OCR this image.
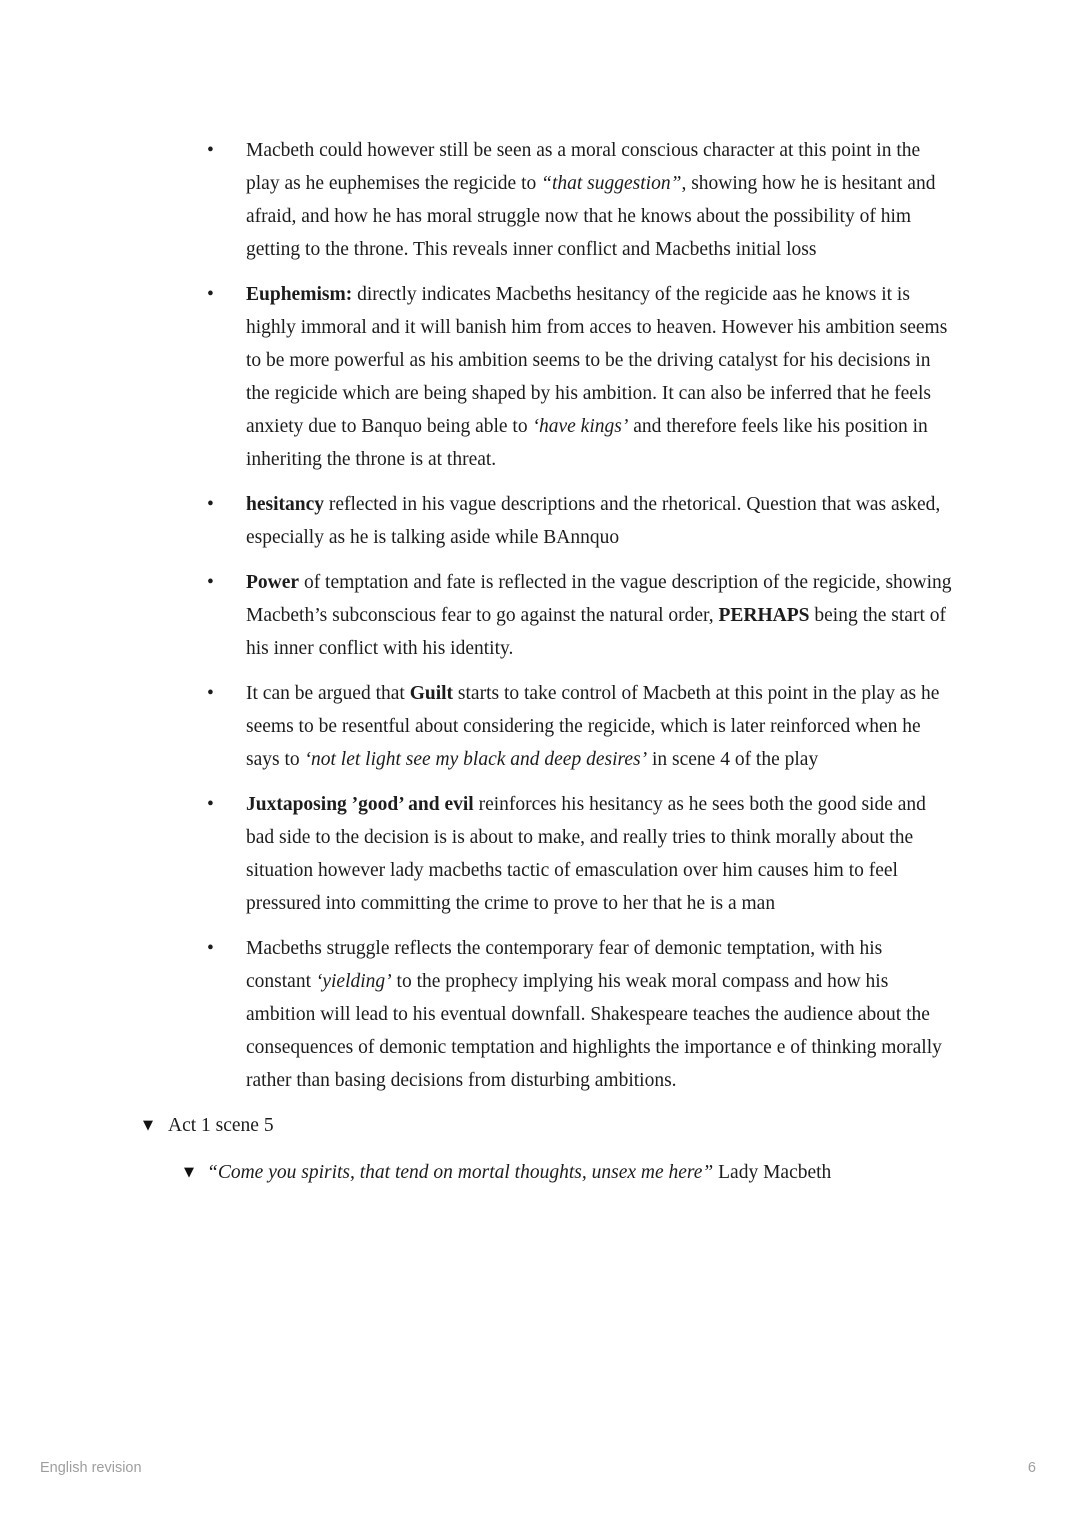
•	Macbeth could however still be seen as a moral conscious character at this point in the play as he euphemises the regicide to “that suggestion”, showing how he is hesitant and afraid, and how he has moral struggle now that he knows about the possibility of him getting to the throne. This reveals inner conflict and Macbeths initial loss
•	Euphemism: directly indicates Macbeths hesitancy of the regicide aas he knows it is highly immoral and it will banish him from acces to heaven. However his ambition seems to be more powerful as his ambition seems to be the driving catalyst for his decisions in the regicide which are being shaped by his ambition. It can also be inferred that he feels anxiety due to Banquo being able to ‘have kings’ and therefore feels like his position in inheriting the throne is at threat.
•	hesitancy reflected in his vague descriptions and the rhetorical. Question that was asked, especially as he is talking aside while BAnnquo
•	Power of temptation and fate is reflected in the vague description of the regicide, showing Macbeth’s subconscious fear to go against the natural order, PERHAPS being the start of his inner conflict with his identity.
•	It can be argued that Guilt starts to take control of Macbeth at this point in the play as he seems to be resentful about considering the regicide, which is later reinforced when he says to ‘not let light see my black and deep desires’ in scene 4 of the play
•	Juxtaposing ’good’ and evil reinforces his hesitancy as he sees both the good side and bad side to the decision is is about to make, and really tries to think morally about the situation however lady macbeths tactic of emasculation over him causes him to feel pressured into committing the crime to prove to her that he is a man
•	Macbeths struggle reflects the contemporary fear of demonic temptation, with his constant ‘yielding’ to the prophecy implying his weak moral compass and how his ambition will lead to his eventual downfall. Shakespeare teaches the audience about the consequences of demonic temptation and highlights the importance e of thinking morally rather than basing decisions from disturbing ambitions.
▼ Act 1 scene 5
▼ “Come you spirits, that tend on mortal thoughts, unsex me here” Lady Macbeth
English revision	6
